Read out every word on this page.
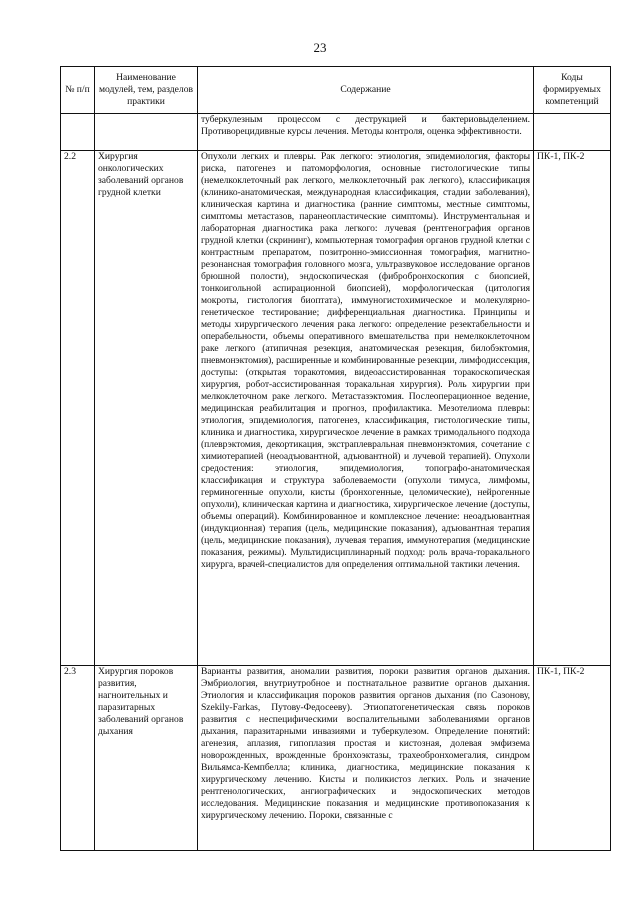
23
№ п/п	Наименование модулей, тем, разделов практики	Содержание	Коды формируемых компетенций
		туберкулезным процессом с деструкцией и бактериовыделением. Противорецидивные курсы лечения. Методы контроля, оценка эффективности.	
2.2	Хирургия онкологических заболеваний органов грудной клетки	Опухоли легких и плевры. Рак легкого: этиология, эпидемиология, факторы риска, патогенез и патоморфология, основные гистологические типы (немелкоклеточный рак легкого, мелкоклеточный рак легкого), классификация (клинико-анатомическая, международная классификация, стадии заболевания), клиническая картина и диагностика (ранние симптомы, местные симптомы, симптомы метастазов, паранеопластические симптомы). Инструментальная и лабораторная диагностика рака легкого: лучевая (рентгенография органов грудной клетки (скрининг), компьютерная томография органов грудной клетки с контрастным препаратом, позитронно-эмиссионная томография, магнитно-резонансная томография головного мозга, ультразвуковое исследование органов брюшной полости), эндоскопическая (фибробронхоскопия с биопсией, тонкоигольной аспирационной биопсией), морфологическая (цитология мокроты, гистология биоптата), иммуногистохимическое и молекулярно-генетическое тестирование; дифференциальная диагностика. Принципы и методы хирургического лечения рака легкого: определение резектабельности и операбельности, объемы оперативного вмешательства при немелкоклеточном раке легкого (атипичная резекция, анатомическая резекция, билобэктомия, пневмонэктомия), расширенные и комбинированные резекции, лимфодиссекция, доступы: (открытая торакотомия, видеоассистированная торакоскопическая хирургия, робот-ассистированная торакальная хирургия). Роль хирургии при мелкоклеточном раке легкого. Метастазэктомия. Послеоперационное ведение, медицинская реабилитация и прогноз, профилактика. Мезотелиома плевры: этиология, эпидемиология, патогенез, классификация, гистологические типы, клиника и диагностика, хирургическое лечение в рамках тримодального подхода (плеврэктомия, декортикация, экстраплевральная пневмонэктомия, сочетание с химиотерапией (неоадъювантной, адъювантной) и лучевой терапией). Опухоли средостения: этиология, эпидемиология, топографо-анатомическая классификация и структура заболеваемости (опухоли тимуса, лимфомы, герминогенные опухоли, кисты (бронхогенные, целомические), нейрогенные опухоли), клиническая картина и диагностика, хирургическое лечение (доступы, объемы операций). Комбинированное и комплексное лечение: неоадъювантная (индукционная) терапия (цель, медицинские показания), адъювантная терапия (цель, медицинские показания), лучевая терапия, иммунотерапия (медицинские показания, режимы). Мультидисциплинарный подход: роль врача-торакального хирурга, врачей-специалистов для определения оптимальной тактики лечения.	ПК-1, ПК-2
2.3	Хирургия пороков развития, нагноительных и паразитарных заболеваний органов дыхания	Варианты развития, аномалии развития, пороки развития органов дыхания. Эмбриология, внутриутробное и постнатальное развитие органов дыхания. Этиология и классификация пороков развития органов дыхания (по Сазонову, Szekily-Farkas, Путову-Федосееву). Этиопатогенетическая связь пороков развития с неспецифическими воспалительными заболеваниями органов дыхания, паразитарными инвазиями и туберкулезом. Определение понятий: агенезия, аплазия, гипоплазия простая и кистозная, долевая эмфизема новорожденных, врожденные бронхоэктазы, трахеобронхомегалия, синдром Вильямса-Кемпбелла; клиника, диагностика, медицинские показания к хирургическому лечению. Кисты и поликистоз легких. Роль и значение рентгенологических, ангиографических и эндоскопических методов исследования. Медицинские показания и медицинские противопоказания к хирургическому лечению. Пороки, связанные с	ПК-1, ПК-2
